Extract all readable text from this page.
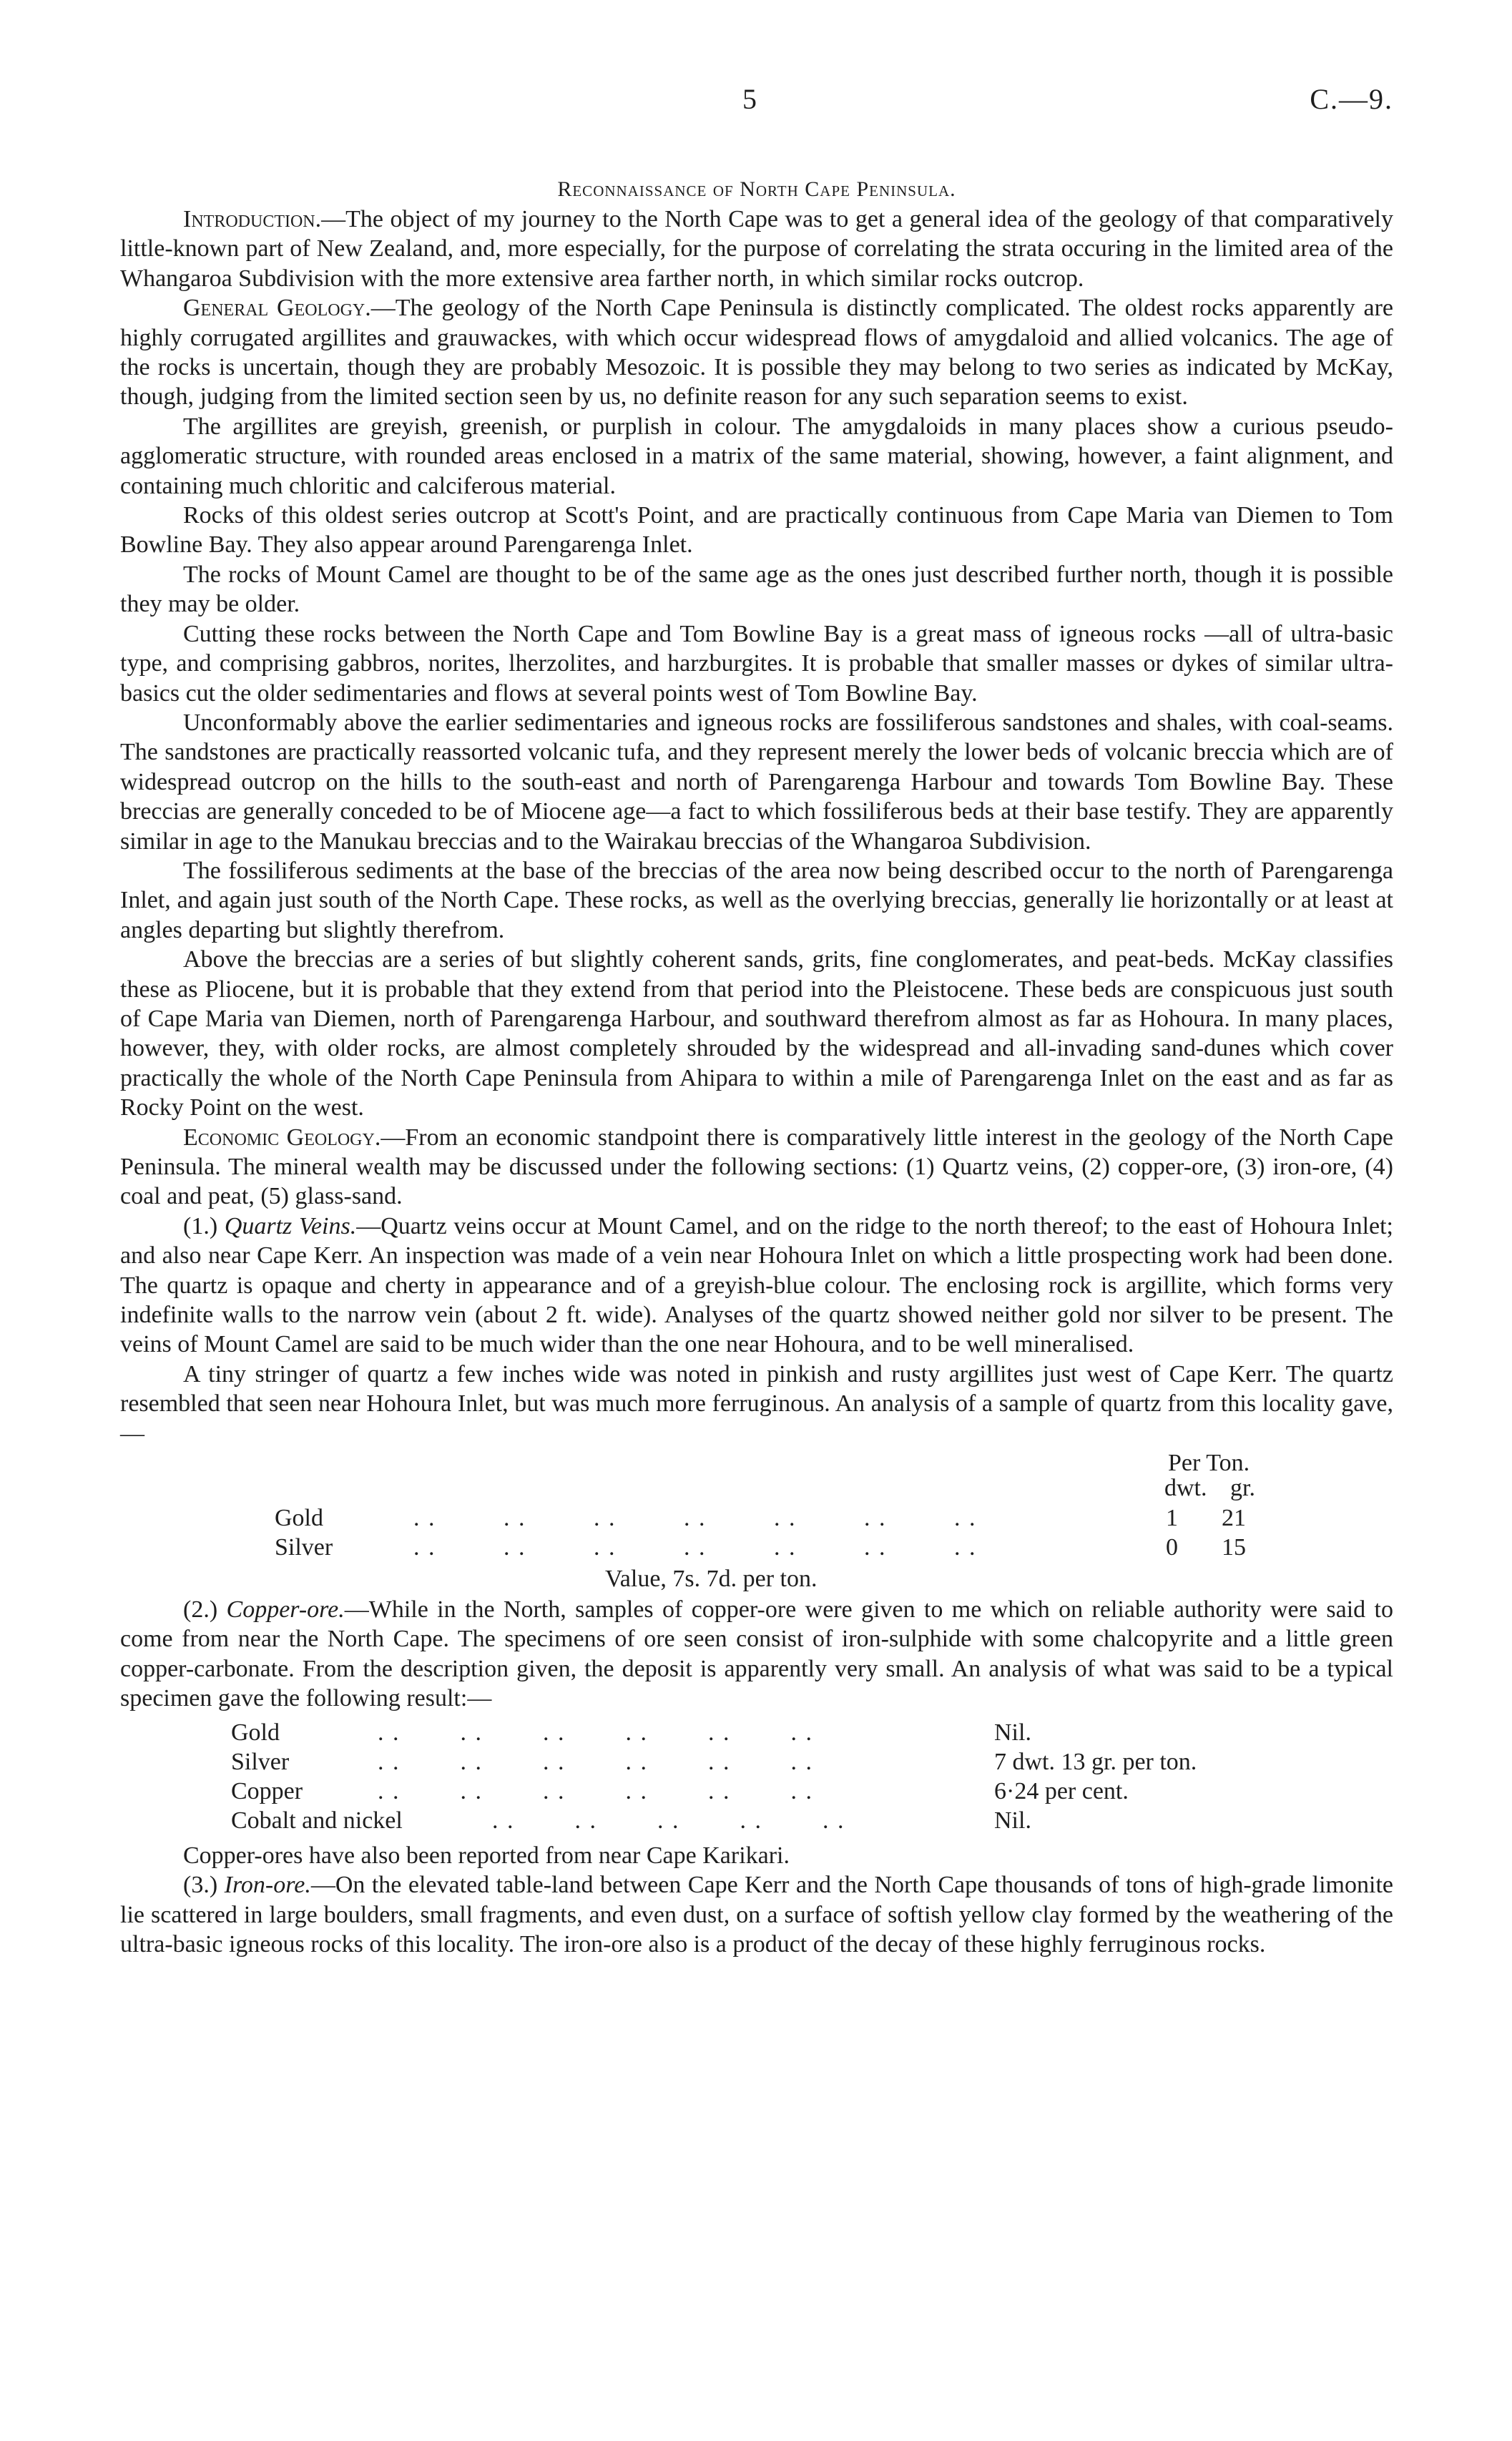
5	C.—9.
Reconnaissance of North Cape Peninsula.

Introduction.—The object of my journey to the North Cape was to get a general idea of the geology of that comparatively little-known part of New Zealand, and, more especially, for the purpose of correlating the strata occuring in the limited area of the Whangaroa Subdivision with the more extensive area farther north, in which similar rocks outcrop.

General Geology.—The geology of the North Cape Peninsula is distinctly complicated. The oldest rocks apparently are highly corrugated argillites and grauwackes, with which occur widespread flows of amygdaloid and allied volcanics. The age of the rocks is uncertain, though they are probably Mesozoic. It is possible they may belong to two series as indicated by McKay, though, judging from the limited section seen by us, no definite reason for any such separation seems to exist.

The argillites are greyish, greenish, or purplish in colour. The amygdaloids in many places show a curious pseudo-agglomeratic structure, with rounded areas enclosed in a matrix of the same material, showing, however, a faint alignment, and containing much chloritic and calciferous material.

Rocks of this oldest series outcrop at Scott's Point, and are practically continuous from Cape Maria van Diemen to Tom Bowline Bay. They also appear around Parengarenga Inlet.

The rocks of Mount Camel are thought to be of the same age as the ones just described further north, though it is possible they may be older.

Cutting these rocks between the North Cape and Tom Bowline Bay is a great mass of igneous rocks —all of ultra-basic type, and comprising gabbros, norites, lherzolites, and harzburgites. It is probable that smaller masses or dykes of similar ultra-basics cut the older sedimentaries and flows at several points west of Tom Bowline Bay.

Unconformably above the earlier sedimentaries and igneous rocks are fossiliferous sandstones and shales, with coal-seams. The sandstones are practically reassorted volcanic tufa, and they represent merely the lower beds of volcanic breccia which are of widespread outcrop on the hills to the south-east and north of Parengarenga Harbour and towards Tom Bowline Bay. These breccias are generally conceded to be of Miocene age—a fact to which fossiliferous beds at their base testify. They are apparently similar in age to the Manukau breccias and to the Wairakau breccias of the Whangaroa Subdivision.

The fossiliferous sediments at the base of the breccias of the area now being described occur to the north of Parengarenga Inlet, and again just south of the North Cape. These rocks, as well as the overlying breccias, generally lie horizontally or at least at angles departing but slightly therefrom.

Above the breccias are a series of but slightly coherent sands, grits, fine conglomerates, and peat-beds. McKay classifies these as Pliocene, but it is probable that they extend from that period into the Pleistocene. These beds are conspicuous just south of Cape Maria van Diemen, north of Parengarenga Harbour, and southward therefrom almost as far as Hohoura. In many places, however, they, with older rocks, are almost completely shrouded by the widespread and all-invading sand-dunes which cover practically the whole of the North Cape Peninsula from Ahipara to within a mile of Parengarenga Inlet on the east and as far as Rocky Point on the west.

Economic Geology.—From an economic standpoint there is comparatively little interest in the geology of the North Cape Peninsula. The mineral wealth may be discussed under the following sections: (1) Quartz veins, (2) copper-ore, (3) iron-ore, (4) coal and peat, (5) glass-sand.

(1.) Quartz Veins.—Quartz veins occur at Mount Camel, and on the ridge to the north thereof; to the east of Hohoura Inlet; and also near Cape Kerr. An inspection was made of a vein near Hohoura Inlet on which a little prospecting work had been done. The quartz is opaque and cherty in appearance and of a greyish-blue colour. The enclosing rock is argillite, which forms very indefinite walls to the narrow vein (about 2 ft. wide). Analyses of the quartz showed neither gold nor silver to be present. The veins of Mount Camel are said to be much wider than the one near Hohoura, and to be well mineralised.

A tiny stringer of quartz a few inches wide was noted in pinkish and rusty argillites just west of Cape Kerr. The quartz resembled that seen near Hohoura Inlet, but was much more ferruginous. An analysis of a sample of quartz from this locality gave,—

Per Ton.
dwt. gr.
Gold	. .         . .         . .         . .         . .         . .         . .	1 21
Silver	. .         . .         . .         . .         . .         . .         . .	0 15
Value, 7s. 7d. per ton.

(2.) Copper-ore.—While in the North, samples of copper-ore were given to me which on reliable authority were said to come from near the North Cape. The specimens of ore seen consist of iron-sulphide with some chalcopyrite and a little green copper-carbonate. From the description given, the deposit is apparently very small. An analysis of what was said to be a typical specimen gave the following result:—

Gold	. .        . .        . .        . .        . .        . .	Nil.
Silver	. .        . .        . .        . .        . .        . .	7 dwt. 13 gr. per ton.
Copper	. .        . .        . .        . .        . .        . .	6·24 per cent.
Cobalt and nickel	. .        . .        . .        . .        . .	Nil.

Copper-ores have also been reported from near Cape Karikari.

(3.) Iron-ore.—On the elevated table-land between Cape Kerr and the North Cape thousands of tons of high-grade limonite lie scattered in large boulders, small fragments, and even dust, on a surface of softish yellow clay formed by the weathering of the ultra-basic igneous rocks of this locality. The iron-ore also is a product of the decay of these highly ferruginous rocks.
